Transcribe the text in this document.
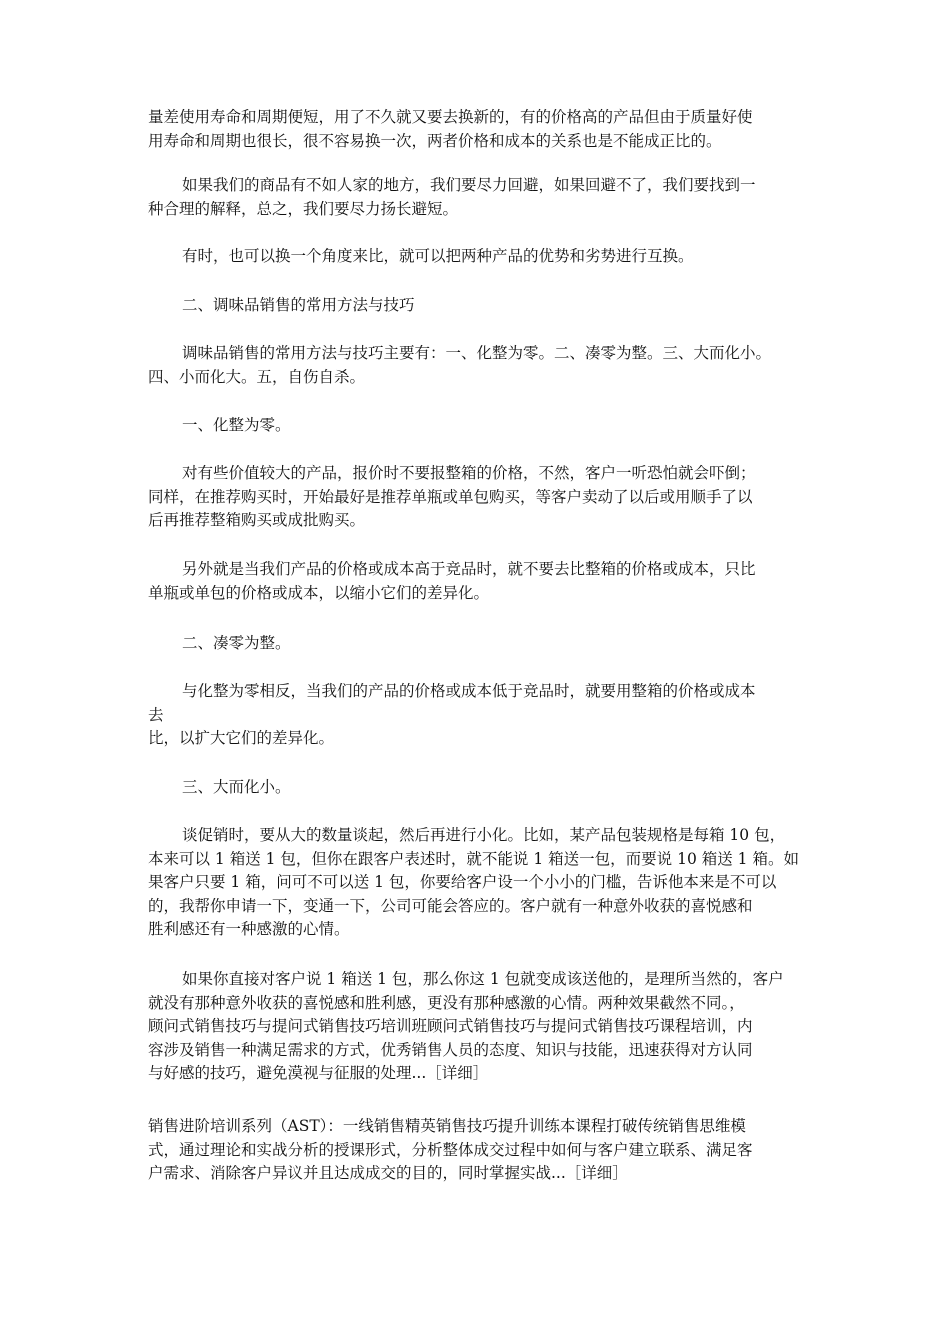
量差使用寿命和周期便短，用了不久就又要去换新的，有的价格高的产品但由于质量好使
用寿命和周期也很长，很不容易换一次，两者价格和成本的关系也是不能成正比的。

如果我们的商品有不如人家的地方，我们要尽力回避，如果回避不了，我们要找到一
种合理的解释，总之，我们要尽力扬长避短。

有时，也可以换一个角度来比，就可以把两种产品的优势和劣势进行互换。

二、调味品销售的常用方法与技巧

调味品销售的常用方法与技巧主要有：一、化整为零。二、凑零为整。三、大而化小。
四、小而化大。五，自伤自杀。

一、化整为零。

对有些价值较大的产品，报价时不要报整箱的价格，不然，客户一听恐怕就会吓倒；
同样，在推荐购买时，开始最好是推荐单瓶或单包购买，等客户卖动了以后或用顺手了以
后再推荐整箱购买或成批购买。

另外就是当我们产品的价格或成本高于竞品时，就不要去比整箱的价格或成本，只比
单瓶或单包的价格或成本，以缩小它们的差异化。

二、凑零为整。

与化整为零相反，当我们的产品的价格或成本低于竞品时，就要用整箱的价格或成本
去
比，以扩大它们的差异化。

三、大而化小。

谈促销时，要从大的数量谈起，然后再进行小化。比如，某产品包装规格是每箱 10 包，
本来可以 1 箱送 1 包，但你在跟客户表述时，就不能说 1 箱送一包，而要说 10 箱送 1 箱。如
果客户只要 1 箱，问可不可以送 1 包，你要给客户设一个小小的门槛，告诉他本来是不可以
的，我帮你申请一下，变通一下，公司可能会答应的。客户就有一种意外收获的喜悦感和
胜利感还有一种感激的心情。

如果你直接对客户说 1 箱送 1 包，那么你这 1 包就变成该送他的，是理所当然的，客户
就没有那种意外收获的喜悦感和胜利感，更没有那种感激的心情。两种效果截然不同。，
顾问式销售技巧与提问式销售技巧培训班顾问式销售技巧与提问式销售技巧课程培训，内
容涉及销售一种满足需求的方式，优秀销售人员的态度、知识与技能，迅速获得对方认同
与好感的技巧，避免漠视与征服的处理...［详细］

销售进阶培训系列（AST）：一线销售精英销售技巧提升训练本课程打破传统销售思维模
式，通过理论和实战分析的授课形式，分析整体成交过程中如何与客户建立联系、满足客
户需求、消除客户异议并且达成成交的目的，同时掌握实战...［详细］
